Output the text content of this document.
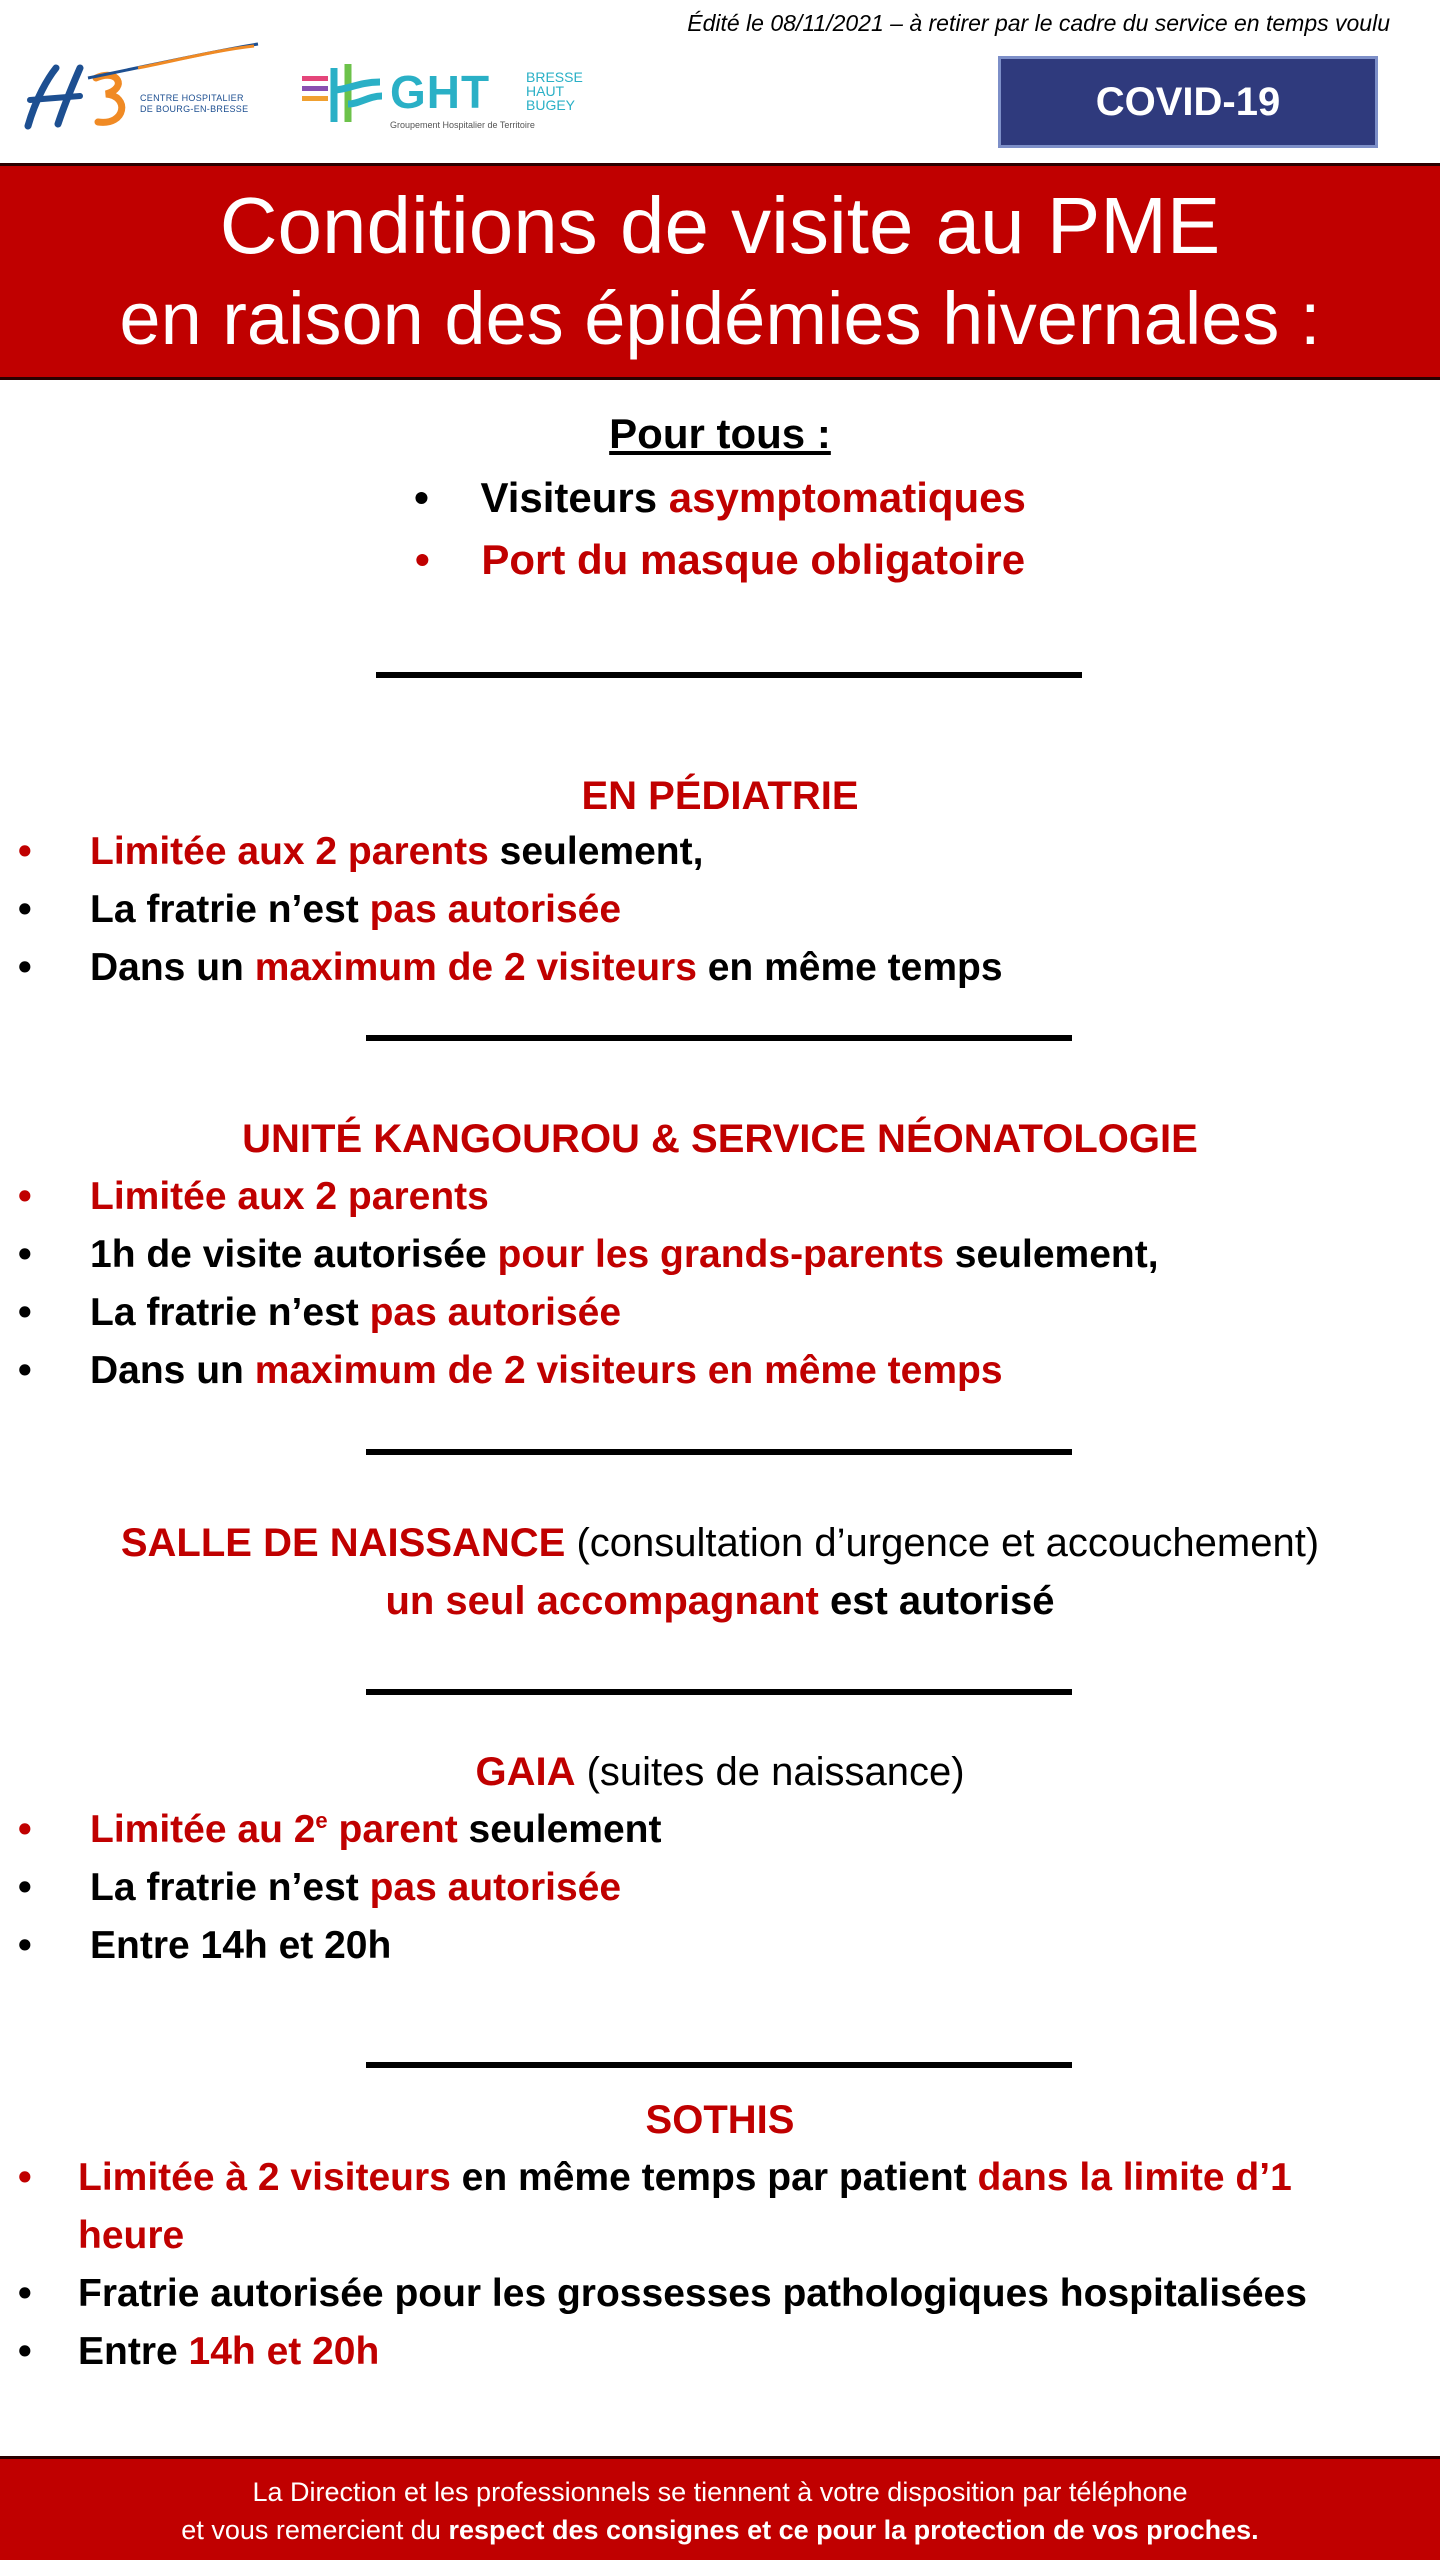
Édité le 08/11/2021 – à retirer par le cadre du service en temps voulu
CENTRE HOSPITALIER
DE BOURG-EN-BRESSE	GHT	BRESSE
HAUT
BUGEY
Groupement Hospitalier de Territoire
COVID-19
Conditions de visite au PME
en raison des épidémies hivernales :
Pour tous :
• Visiteurs asymptomatiques
• Port du masque obligatoire
EN PÉDIATRIE
• Limitée aux 2 parents seulement,
• La fratrie n’est pas autorisée
• Dans un maximum de 2 visiteurs en même temps
UNITÉ KANGOUROU & SERVICE NÉONATOLOGIE
• Limitée aux 2 parents
• 1h de visite autorisée pour les grands-parents seulement,
• La fratrie n’est pas autorisée
• Dans un maximum de 2 visiteurs en même temps
SALLE DE NAISSANCE (consultation d’urgence et accouchement)
un seul accompagnant est autorisé
GAIA (suites de naissance)
• Limitée au 2e parent seulement
• La fratrie n’est pas autorisée
• Entre 14h et 20h
SOTHIS
• Limitée à 2 visiteurs en même temps par patient dans la limite d’1
heure
• Fratrie autorisée pour les grossesses pathologiques hospitalisées
• Entre 14h et 20h
La Direction et les professionnels se tiennent à votre disposition par téléphone
et vous remercient du respect des consignes et ce pour la protection de vos proches.
